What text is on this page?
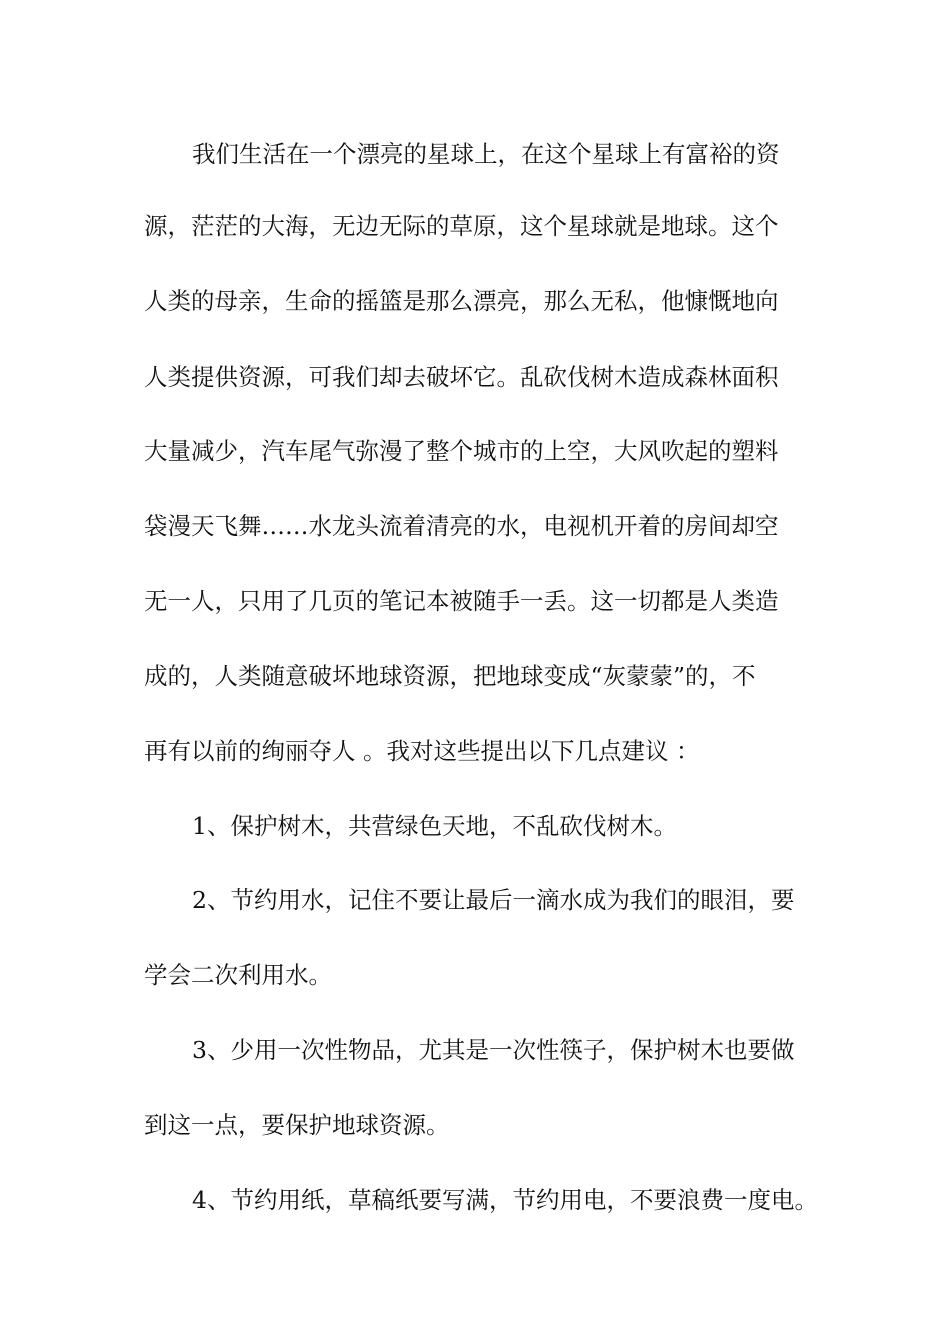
我们生活在一个漂亮的星球上，在这个星球上有富裕的资
源，茫茫的大海，无边无际的草原，这个星球就是地球。这个
人类的母亲，生命的摇篮是那么漂亮，那么无私，他慷慨地向
人类提供资源，可我们却去破坏它。乱砍伐树木造成森林面积
大量减少，汽车尾气弥漫了整个城市的上空，大风吹起的塑料
袋漫天飞舞……水龙头流着清亮的水，电视机开着的房间却空
无一人，只用了几页的笔记本被随手一丢。这一切都是人类造
成的，人类随意破坏地球资源，把地球变成“灰蒙蒙”的，不
再有以前的绚丽夺人 。我对这些提出以下几点建议 ：
1、保护树木，共营绿色天地，不乱砍伐树木。
2、节约用水，记住不要让最后一滴水成为我们的眼泪，要
学会二次利用水。
3、少用一次性物品，尤其是一次性筷子，保护树木也要做
到这一点，要保护地球资源。
4、节约用纸，草稿纸要写满，节约用电，不要浪费一度电。
